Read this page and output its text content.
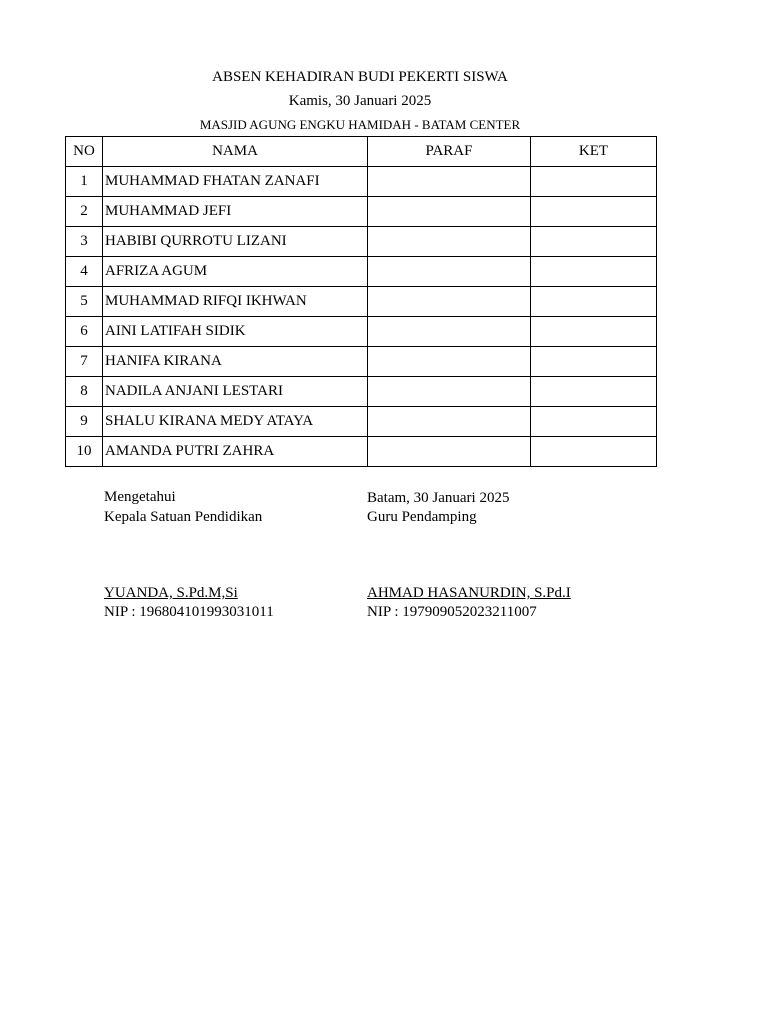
ABSEN KEHADIRAN BUDI PEKERTI SISWA
Kamis, 30 Januari 2025
MASJID AGUNG ENGKU HAMIDAH - BATAM CENTER
NO	NAMA	PARAF	KET
1	MUHAMMAD FHATAN ZANAFI		
2	MUHAMMAD JEFI		
3	HABIBI QURROTU LIZANI		
4	AFRIZA AGUM		
5	MUHAMMAD RIFQI IKHWAN		
6	AINI LATIFAH SIDIK		
7	HANIFA KIRANA		
8	NADILA ANJANI LESTARI		
9	SHALU KIRANA MEDY ATAYA		
10	AMANDA PUTRI ZAHRA		
Mengetahui
Kepala Satuan Pendidikan
YUANDA, S.Pd.M,Si
NIP : 196804101993031011
Batam, 30 Januari 2025
Guru Pendamping
AHMAD HASANURDIN, S.Pd.I
NIP : 197909052023211007
